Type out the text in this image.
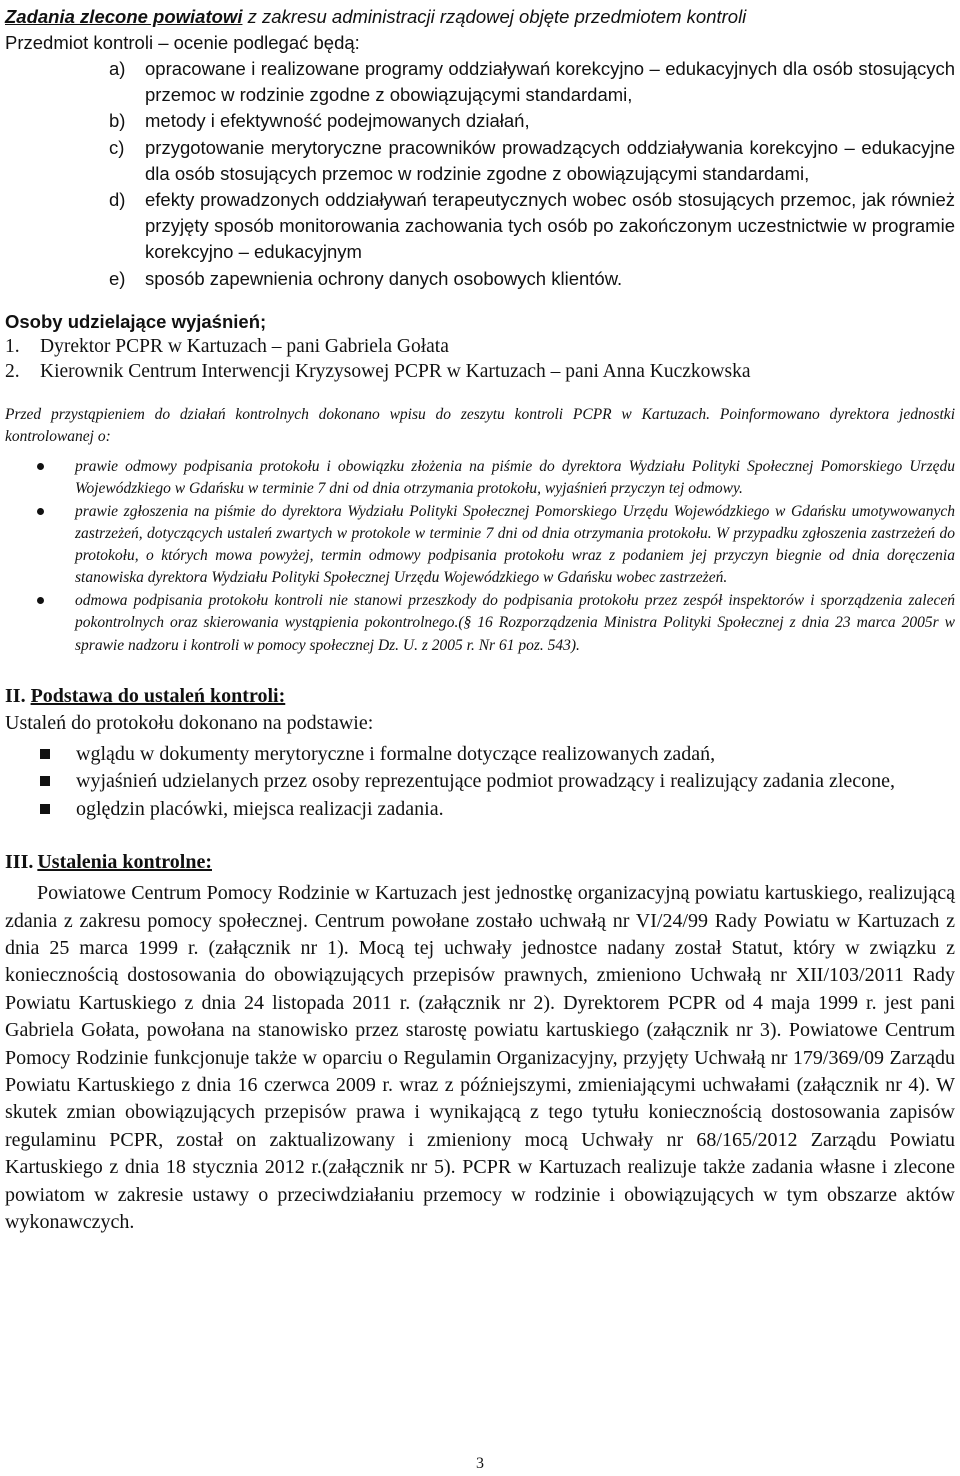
Zadania zlecone powiatowi z zakresu administracji rządowej objęte przedmiotem kontroli
Przedmiot kontroli – ocenie podlegać będą:
a) opracowane i realizowane programy oddziaływań korekcyjno – edukacyjnych dla osób stosujących przemoc w rodzinie zgodne z obowiązującymi standardami,
b) metody i efektywność podejmowanych działań,
c) przygotowanie merytoryczne pracowników prowadzących oddziaływania korekcyjno – edukacyjne dla osób stosujących przemoc w rodzinie zgodne z obowiązującymi standardami,
d) efekty prowadzonych oddziaływań terapeutycznych wobec osób stosujących przemoc, jak również przyjęty sposób monitorowania zachowania tych osób po zakończonym uczestnictwie w programie korekcyjno – edukacyjnym
e) sposób zapewnienia ochrony danych osobowych klientów.
Osoby udzielające wyjaśnień;
1. Dyrektor PCPR w Kartuzach – pani Gabriela Gołata
2. Kierownik Centrum Interwencji Kryzysowej PCPR w Kartuzach – pani Anna Kuczkowska
Przed przystąpieniem do działań kontrolnych dokonano wpisu do zeszytu kontroli PCPR w Kartuzach. Poinformowano dyrektora jednostki kontrolowanej o:
prawie odmowy podpisania protokołu i obowiązku złożenia na piśmie do dyrektora Wydziału Polityki Społecznej Pomorskiego Urzędu Wojewódzkiego w Gdańsku w terminie 7 dni od dnia otrzymania protokołu, wyjaśnień przyczyn tej odmowy.
prawie zgłoszenia na piśmie do dyrektora Wydziału Polityki Społecznej Pomorskiego Urzędu Wojewódzkiego w Gdańsku umotywowanych zastrzeżeń, dotyczących ustaleń zwartych w protokole w terminie 7 dni od dnia otrzymania protokołu. W przypadku zgłoszenia zastrzeżeń do protokołu, o których mowa powyżej, termin odmowy podpisania protokołu wraz z podaniem jej przyczyn biegnie od dnia doręczenia stanowiska dyrektora Wydziału Polityki Społecznej Urzędu Wojewódzkiego w Gdańsku wobec zastrzeżeń.
odmowa podpisania protokołu kontroli nie stanowi przeszkody do podpisania protokołu przez zespół inspektorów i sporządzenia zaleceń pokontrolnych oraz skierowania wystąpienia pokontrolnego.(§ 16 Rozporządzenia Ministra Polityki Społecznej z dnia 23 marca 2005r w sprawie nadzoru i kontroli w pomocy społecznej Dz. U. z 2005 r. Nr 61 poz. 543).
II. Podstawa do ustaleń kontroli:
Ustaleń do protokołu dokonano na podstawie:
wglądu w dokumenty merytoryczne i formalne dotyczące realizowanych zadań,
wyjaśnień udzielanych przez osoby reprezentujące podmiot prowadzący i realizujący zadania zlecone,
oględzin placówki, miejsca realizacji zadania.
III. Ustalenia kontrolne:
Powiatowe Centrum Pomocy Rodzinie w Kartuzach jest jednostkę organizacyjną powiatu kartuskiego, realizującą zdania z zakresu pomocy społecznej. Centrum powołane zostało uchwałą nr VI/24/99 Rady Powiatu w Kartuzach z dnia 25 marca 1999 r. (załącznik nr 1). Mocą tej uchwały jednostce nadany został Statut, który w związku z koniecznością dostosowania do obowiązujących przepisów prawnych, zmieniono Uchwałą nr XII/103/2011 Rady Powiatu Kartuskiego z dnia 24 listopada 2011 r. (załącznik nr 2). Dyrektorem PCPR od 4 maja 1999 r. jest pani Gabriela Gołata, powołana na stanowisko przez starostę powiatu kartuskiego (załącznik nr 3). Powiatowe Centrum Pomocy Rodzinie funkcjonuje także w oparciu o Regulamin Organizacyjny, przyjęty Uchwałą nr 179/369/09 Zarządu Powiatu Kartuskiego z dnia 16 czerwca 2009 r. wraz z późniejszymi, zmieniającymi uchwałami (załącznik nr 4). W skutek zmian obowiązujących przepisów prawa i wynikającą z tego tytułu koniecznością dostosowania zapisów regulaminu PCPR, został on zaktualizowany i zmieniony mocą Uchwały nr 68/165/2012 Zarządu Powiatu Kartuskiego z dnia 18 stycznia 2012 r.(załącznik nr 5). PCPR w Kartuzach realizuje także zadania własne i zlecone powiatom w zakresie ustawy o przeciwdziałaniu przemocy w rodzinie i obowiązujących w tym obszarze aktów wykonawczych.
3
